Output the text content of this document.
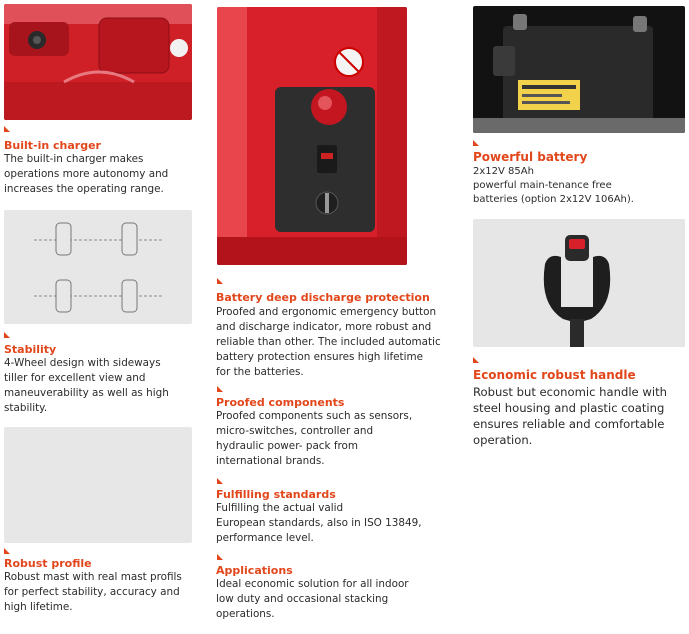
Built-in charger
The built-in charger makes
operations more autonomy and
increases the operating range.
Stability
4-Wheel design with sideways
tiller for excellent view and
maneuverability as well as high
stability.
Robust profile
Robust mast with real mast profils
for perfect stability, accuracy and
high lifetime.
Battery deep discharge protection
Proofed and ergonomic emergency button
and discharge indicator, more robust and
reliable than other. The included automatic
battery protection ensures high lifetime
for the batteries.
Proofed components
Proofed components such as sensors,
micro-switches, controller and
hydraulic power- pack from
international brands.
Fulfilling standards
Fulfilling the actual valid
European standards, also in ISO 13849,
performance level.
Applications
Ideal economic solution for all indoor
low duty and occasional stacking
operations.
Powerful battery
2x12V 85Ah
powerful main-tenance free
batteries (option 2x12V 106Ah).
Economic robust handle
Robust but economic handle with
steel housing and plastic coating
ensures reliable and comfortable
operation.
